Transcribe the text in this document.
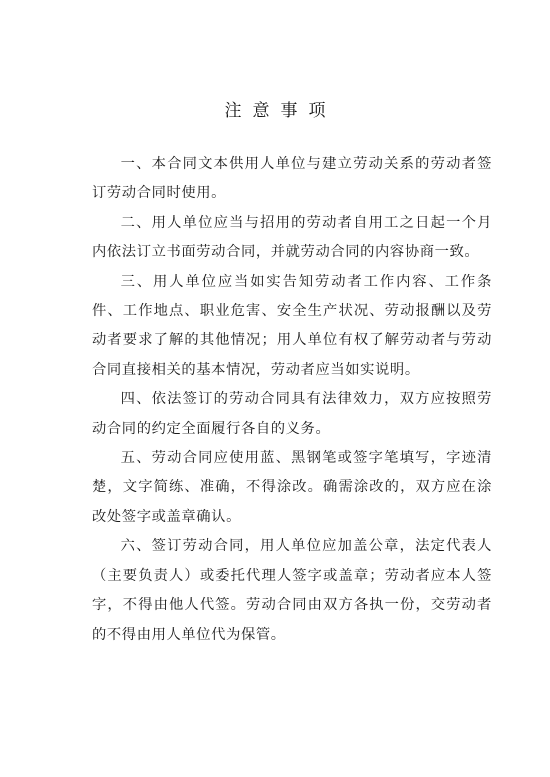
注意事项

一、本合同文本供用人单位与建立劳动关系的劳动者签订劳动合同时使用。

二、用人单位应当与招用的劳动者自用工之日起一个月内依法订立书面劳动合同，并就劳动合同的内容协商一致。

三、用人单位应当如实告知劳动者工作内容、工作条件、工作地点、职业危害、安全生产状况、劳动报酬以及劳动者要求了解的其他情况；用人单位有权了解劳动者与劳动合同直接相关的基本情况，劳动者应当如实说明。

四、依法签订的劳动合同具有法律效力，双方应按照劳动合同的约定全面履行各自的义务。

五、劳动合同应使用蓝、黑钢笔或签字笔填写，字迹清楚，文字简练、准确，不得涂改。确需涂改的，双方应在涂改处签字或盖章确认。

六、签订劳动合同，用人单位应加盖公章，法定代表人（主要负责人）或委托代理人签字或盖章；劳动者应本人签字，不得由他人代签。劳动合同由双方各执一份，交劳动者的不得由用人单位代为保管。
